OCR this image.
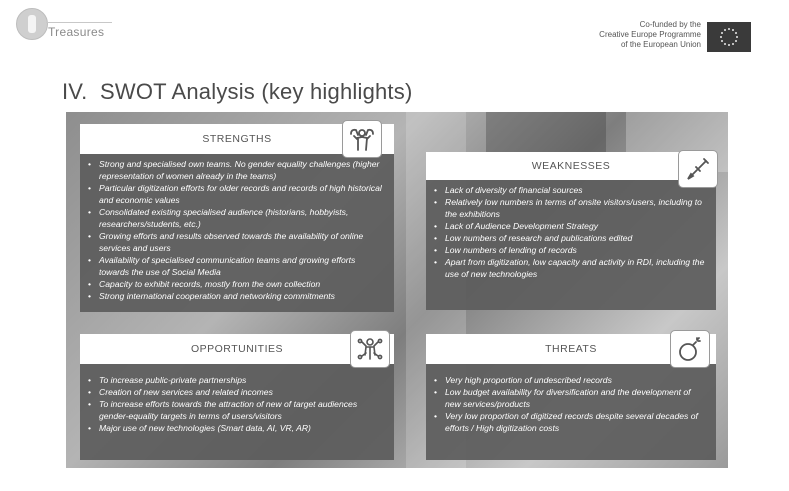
Treasures
Co-funded by the
Creative Europe Programme
of the European Union
IV. SWOT Analysis (key highlights)
STRENGTHS
• Strong and specialised own teams. No gender equality challenges (higher representation of women already in the teams)
• Particular digitization efforts for older records and records of high historical and economic values
• Consolidated existing specialised audience (historians, hobbyists, researchers/students, etc.)
• Growing efforts and results observed towards the availability of online services and users
• Availability of specialised communication teams and growing efforts towards the use of Social Media
• Capacity to exhibit records, mostly from the own collection
• Strong international cooperation and networking commitments
WEAKNESSES
• Lack of diversity of financial sources
• Relatively low numbers in terms of onsite visitors/users, including to the exhibitions
• Lack of Audience Development Strategy
• Low numbers of research and publications edited
• Low numbers of lending of records
• Apart from digitization, low capacity and activity in RDI, including the use of new technologies
OPPORTUNITIES
• To increase public-private partnerships
• Creation of new services and related incomes
• To increase efforts towards the attraction of new of target audiences gender-equality targets in terms of users/visitors
• Major use of new technologies (Smart data, AI, VR, AR)
THREATS
• Very high proportion of undescribed records
• Low budget availability for diversification and the development of new services/products
• Very low proportion of digitized records despite several decades of efforts / High digitization costs
